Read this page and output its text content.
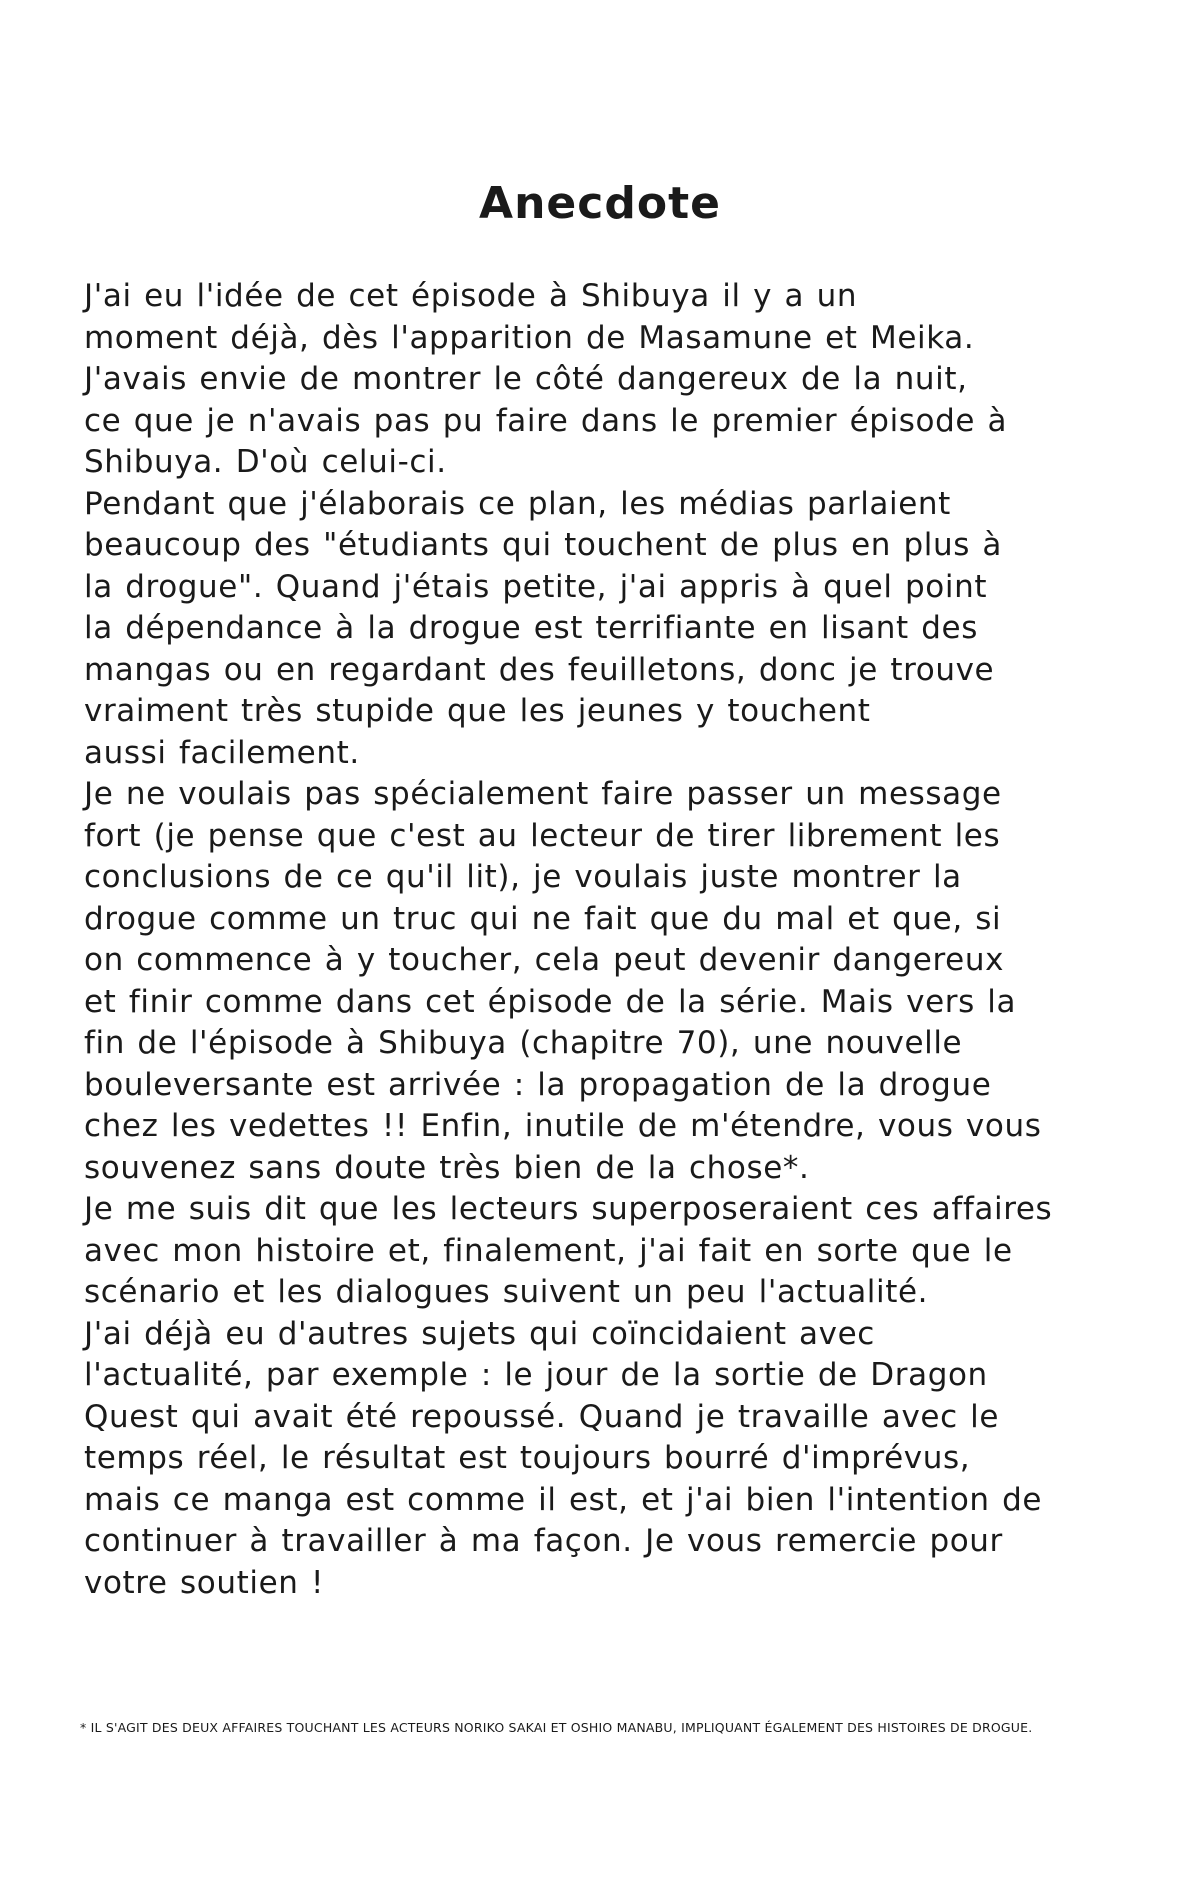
Anecdote
J'ai eu l'idée de cet épisode à Shibuya il y a un
moment déjà, dès l'apparition de Masamune et Meika.
J'avais envie de montrer le côté dangereux de la nuit,
ce que je n'avais pas pu faire dans le premier épisode à
Shibuya. D'où celui-ci.
Pendant que j'élaborais ce plan, les médias parlaient
beaucoup des "étudiants qui touchent de plus en plus à
la drogue". Quand j'étais petite, j'ai appris à quel point
la dépendance à la drogue est terrifiante en lisant des
mangas ou en regardant des feuilletons, donc je trouve
vraiment très stupide que les jeunes y touchent
aussi facilement.
Je ne voulais pas spécialement faire passer un message
fort (je pense que c'est au lecteur de tirer librement les
conclusions de ce qu'il lit), je voulais juste montrer la
drogue comme un truc qui ne fait que du mal et que, si
on commence à y toucher, cela peut devenir dangereux
et finir comme dans cet épisode de la série. Mais vers la
fin de l'épisode à Shibuya (chapitre 70), une nouvelle
bouleversante est arrivée : la propagation de la drogue
chez les vedettes !! Enfin, inutile de m'étendre, vous vous
souvenez sans doute très bien de la chose*.
Je me suis dit que les lecteurs superposeraient ces affaires
avec mon histoire et, finalement, j'ai fait en sorte que le
scénario et les dialogues suivent un peu l'actualité.
J'ai déjà eu d'autres sujets qui coïncidaient avec
l'actualité, par exemple : le jour de la sortie de Dragon
Quest qui avait été repoussé. Quand je travaille avec le
temps réel, le résultat est toujours bourré d'imprévus,
mais ce manga est comme il est, et j'ai bien l'intention de
continuer à travailler à ma façon. Je vous remercie pour
votre soutien !
* IL S'AGIT DES DEUX AFFAIRES TOUCHANT LES ACTEURS NORIKO SAKAI ET OSHIO MANABU, IMPLIQUANT ÉGALEMENT DES HISTOIRES DE DROGUE.
